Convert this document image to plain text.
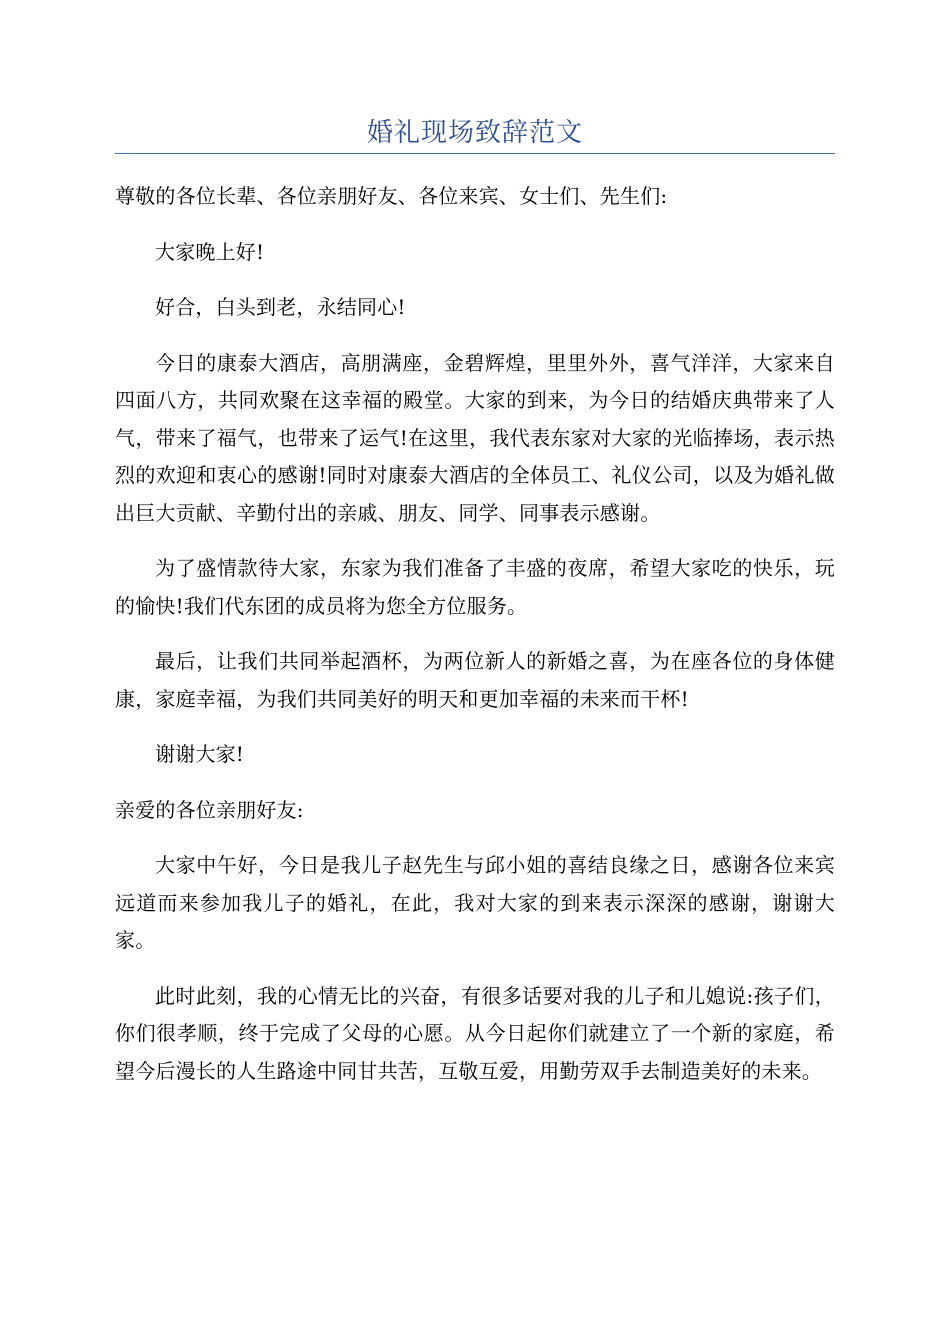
婚礼现场致辞范文

尊敬的各位长辈、各位亲朋好友、各位来宾、女士们、先生们:

大家晚上好!

好合，白头到老，永结同心!

今日的康泰大酒店，高朋满座，金碧辉煌，里里外外，喜气洋洋，大家来自四面八方，共同欢聚在这幸福的殿堂。大家的到来，为今日的结婚庆典带来了人气，带来了福气，也带来了运气!在这里，我代表东家对大家的光临捧场，表示热烈的欢迎和衷心的感谢!同时对康泰大酒店的全体员工、礼仪公司，以及为婚礼做出巨大贡献、辛勤付出的亲戚、朋友、同学、同事表示感谢。

为了盛情款待大家，东家为我们准备了丰盛的夜席，希望大家吃的快乐，玩的愉快!我们代东团的成员将为您全方位服务。

最后，让我们共同举起酒杯，为两位新人的新婚之喜，为在座各位的身体健康，家庭幸福，为我们共同美好的明天和更加幸福的未来而干杯!

谢谢大家!

亲爱的各位亲朋好友:

大家中午好，今日是我儿子赵先生与邱小姐的喜结良缘之日，感谢各位来宾远道而来参加我儿子的婚礼，在此，我对大家的到来表示深深的感谢，谢谢大家。

此时此刻，我的心情无比的兴奋，有很多话要对我的儿子和儿媳说:孩子们，你们很孝顺，终于完成了父母的心愿。从今日起你们就建立了一个新的家庭，希望今后漫长的人生路途中同甘共苦，互敬互爱，用勤劳双手去制造美好的未来。
